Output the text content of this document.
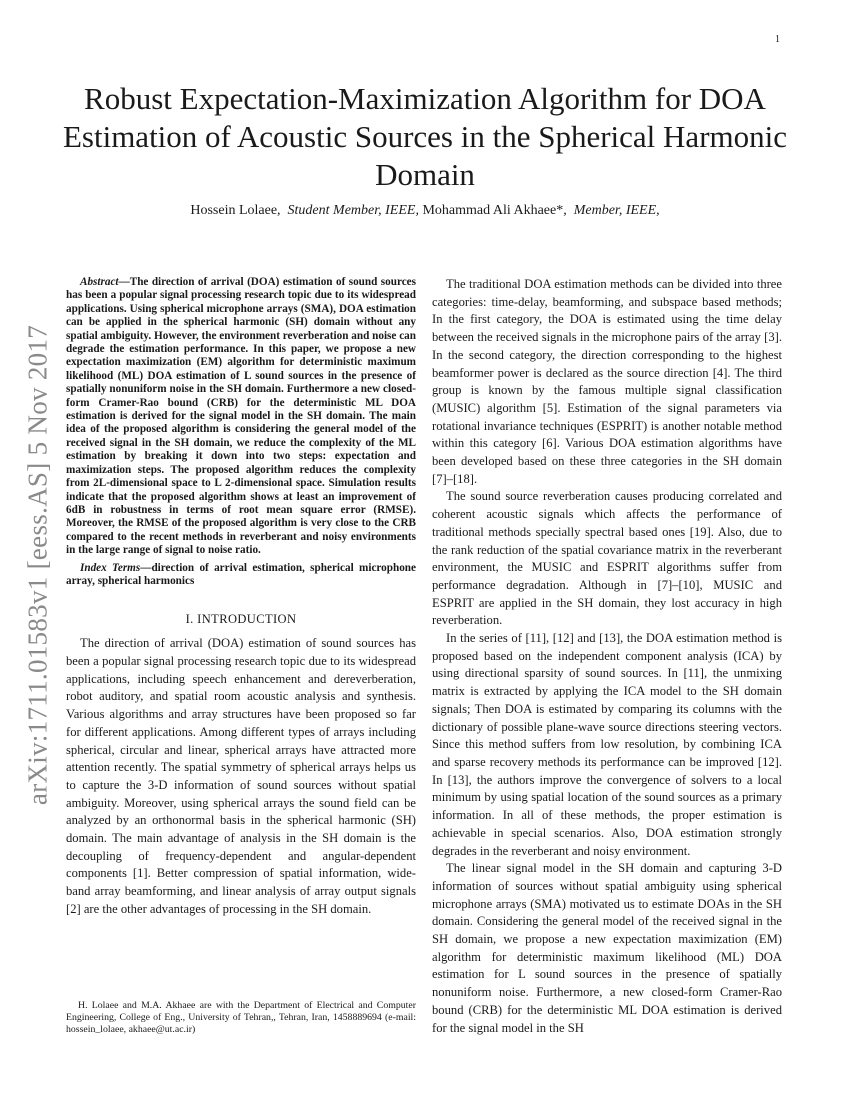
1
arXiv:1711.01583v1 [eess.AS] 5 Nov 2017
Robust Expectation-Maximization Algorithm for DOA Estimation of Acoustic Sources in the Spherical Harmonic Domain
Hossein Lolaee, Student Member, IEEE, Mohammad Ali Akhaee*, Member, IEEE,

Abstract—The direction of arrival (DOA) estimation of sound sources has been a popular signal processing research topic due to its widespread applications. Using spherical microphone arrays (SMA), DOA estimation can be applied in the spherical harmonic (SH) domain without any spatial ambiguity. However, the environment reverberation and noise can degrade the estimation performance. In this paper, we propose a new expectation maximization (EM) algorithm for deterministic maximum likelihood (ML) DOA estimation of L sound sources in the presence of spatially nonuniform noise in the SH domain. Furthermore a new closed-form Cramer-Rao bound (CRB) for the deterministic ML DOA estimation is derived for the signal model in the SH domain. The main idea of the proposed algorithm is considering the general model of the received signal in the SH domain, we reduce the complexity of the ML estimation by breaking it down into two steps: expectation and maximization steps. The proposed algorithm reduces the complexity from 2L-dimensional space to L 2-dimensional space. Simulation results indicate that the proposed algorithm shows at least an improvement of 6dB in robustness in terms of root mean square error (RMSE). Moreover, the RMSE of the proposed algorithm is very close to the CRB compared to the recent methods in reverberant and noisy environments in the large range of signal to noise ratio.

Index Terms—direction of arrival estimation, spherical microphone array, spherical harmonics

I. INTRODUCTION

The direction of arrival (DOA) estimation of sound sources has been a popular signal processing research topic due to its widespread applications, including speech enhancement and dereverberation, robot auditory, and spatial room acoustic analysis and synthesis. Various algorithms and array structures have been proposed so far for different applications. Among different types of arrays including spherical, circular and linear, spherical arrays have attracted more attention recently. The spatial symmetry of spherical arrays helps us to capture the 3-D information of sound sources without spatial ambiguity. Moreover, using spherical arrays the sound field can be analyzed by an orthonormal basis in the spherical harmonic (SH) domain. The main advantage of analysis in the SH domain is the decoupling of frequency-dependent and angular-dependent components [1]. Better compression of spatial information, wide-band array beamforming, and linear analysis of array output signals [2] are the other advantages of processing in the SH domain.

H. Lolaee and M.A. Akhaee are with the Department of Electrical and Computer Engineering, College of Eng., University of Tehran,, Tehran, Iran, 1458889694 (e-mail: hossein_lolaee, akhaee@ut.ac.ir)

The traditional DOA estimation methods can be divided into three categories: time-delay, beamforming, and subspace based methods; In the first category, the DOA is estimated using the time delay between the received signals in the microphone pairs of the array [3]. In the second category, the direction corresponding to the highest beamformer power is declared as the source direction [4]. The third group is known by the famous multiple signal classification (MUSIC) algorithm [5]. Estimation of the signal parameters via rotational invariance techniques (ESPRIT) is another notable method within this category [6]. Various DOA estimation algorithms have been developed based on these three categories in the SH domain [7]–[18].

The sound source reverberation causes producing correlated and coherent acoustic signals which affects the performance of traditional methods specially spectral based ones [19]. Also, due to the rank reduction of the spatial covariance matrix in the reverberant environment, the MUSIC and ESPRIT algorithms suffer from performance degradation. Although in [7]–[10], MUSIC and ESPRIT are applied in the SH domain, they lost accuracy in high reverberation.

In the series of [11], [12] and [13], the DOA estimation method is proposed based on the independent component analysis (ICA) by using directional sparsity of sound sources. In [11], the unmixing matrix is extracted by applying the ICA model to the SH domain signals; Then DOA is estimated by comparing its columns with the dictionary of possible plane-wave source directions steering vectors. Since this method suffers from low resolution, by combining ICA and sparse recovery methods its performance can be improved [12]. In [13], the authors improve the convergence of solvers to a local minimum by using spatial location of the sound sources as a primary information. In all of these methods, the proper estimation is achievable in special scenarios. Also, DOA estimation strongly degrades in the reverberant and noisy environment.

The linear signal model in the SH domain and capturing 3-D information of sources without spatial ambiguity using spherical microphone arrays (SMA) motivated us to estimate DOAs in the SH domain. Considering the general model of the received signal in the SH domain, we propose a new expectation maximization (EM) algorithm for deterministic maximum likelihood (ML) DOA estimation for L sound sources in the presence of spatially nonuniform noise. Furthermore, a new closed-form Cramer-Rao bound (CRB) for the deterministic ML DOA estimation is derived for the signal model in the SH
